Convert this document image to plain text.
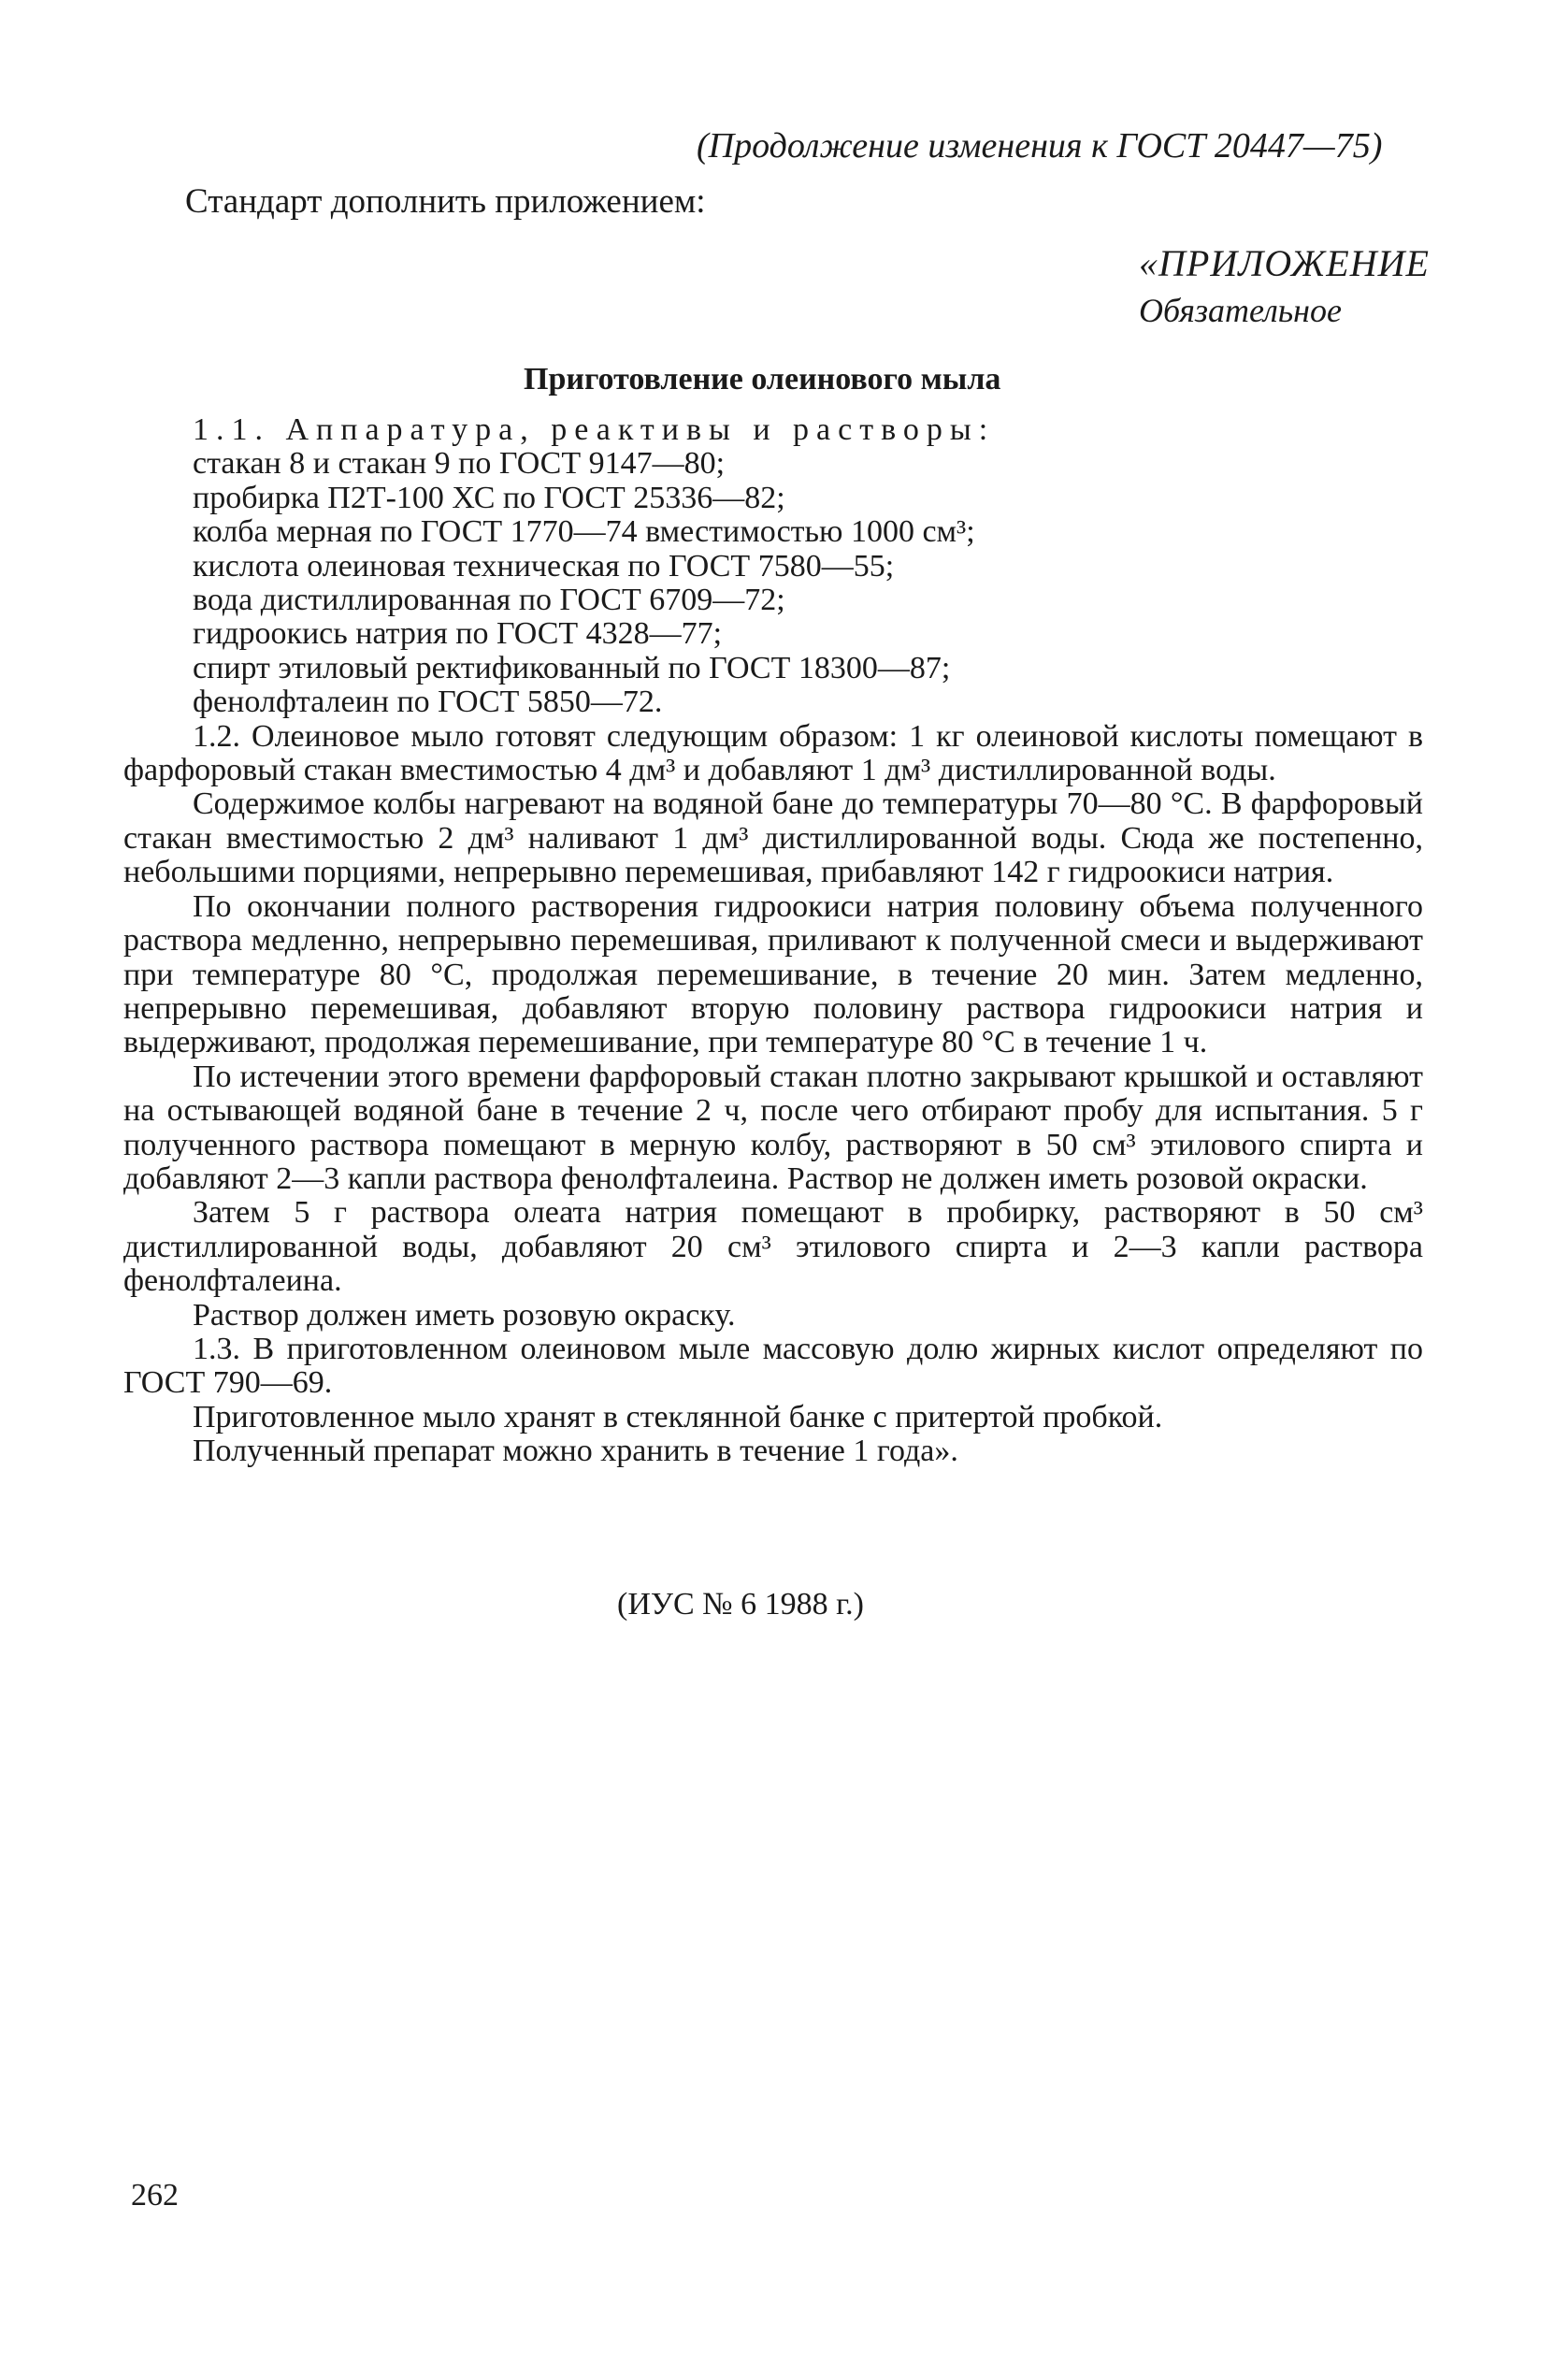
(Продолжение изменения к ГОСТ 20447—75)
Стандарт дополнить приложением:
«ПРИЛОЖЕНИЕ
Обязательное
Приготовление олеинового мыла

1.1. Аппаратура, реактивы и растворы:

стакан 8 и стакан 9 по ГОСТ 9147—80;

пробирка П2Т-100 ХС по ГОСТ 25336—82;

колба мерная по ГОСТ 1770—74 вместимостью 1000 см³;

кислота олеиновая техническая по ГОСТ 7580—55;

вода дистиллированная по ГОСТ 6709—72;

гидроокись натрия по ГОСТ 4328—77;

спирт этиловый ректификованный по ГОСТ 18300—87;

фенолфталеин по ГОСТ 5850—72.

1.2. Олеиновое мыло готовят следующим образом: 1 кг олеиновой кислоты помещают в фарфоровый стакан вместимостью 4 дм³ и добавляют 1 дм³ дистиллированной воды.

Содержимое колбы нагревают на водяной бане до температуры 70—80 °С. В фарфоровый стакан вместимостью 2 дм³ наливают 1 дм³ дистиллированной воды. Сюда же постепенно, небольшими порциями, непрерывно перемешивая, прибавляют 142 г гидроокиси натрия.

По окончании полного растворения гидроокиси натрия половину объема полученного раствора медленно, непрерывно перемешивая, приливают к полученной смеси и выдерживают при температуре 80 °С, продолжая перемешивание, в течение 20 мин. Затем медленно, непрерывно перемешивая, добавляют вторую половину раствора гидроокиси натрия и выдерживают, продолжая перемешивание, при температуре 80 °С в течение 1 ч.

По истечении этого времени фарфоровый стакан плотно закрывают крышкой и оставляют на остывающей водяной бане в течение 2 ч, после чего отбирают пробу для испытания. 5 г полученного раствора помещают в мерную колбу, растворяют в 50 см³ этилового спирта и добавляют 2—3 капли раствора фенолфталеина. Раствор не должен иметь розовой окраски.

Затем 5 г раствора олеата натрия помещают в пробирку, растворяют в 50 см³ дистиллированной воды, добавляют 20 см³ этилового спирта и 2—3 капли раствора фенолфталеина.

Раствор должен иметь розовую окраску.

1.3. В приготовленном олеиновом мыле массовую долю жирных кислот определяют по ГОСТ 790—69.

Приготовленное мыло хранят в стеклянной банке с притертой пробкой.

Полученный препарат можно хранить в течение 1 года».

(ИУС № 6 1988 г.)
262
